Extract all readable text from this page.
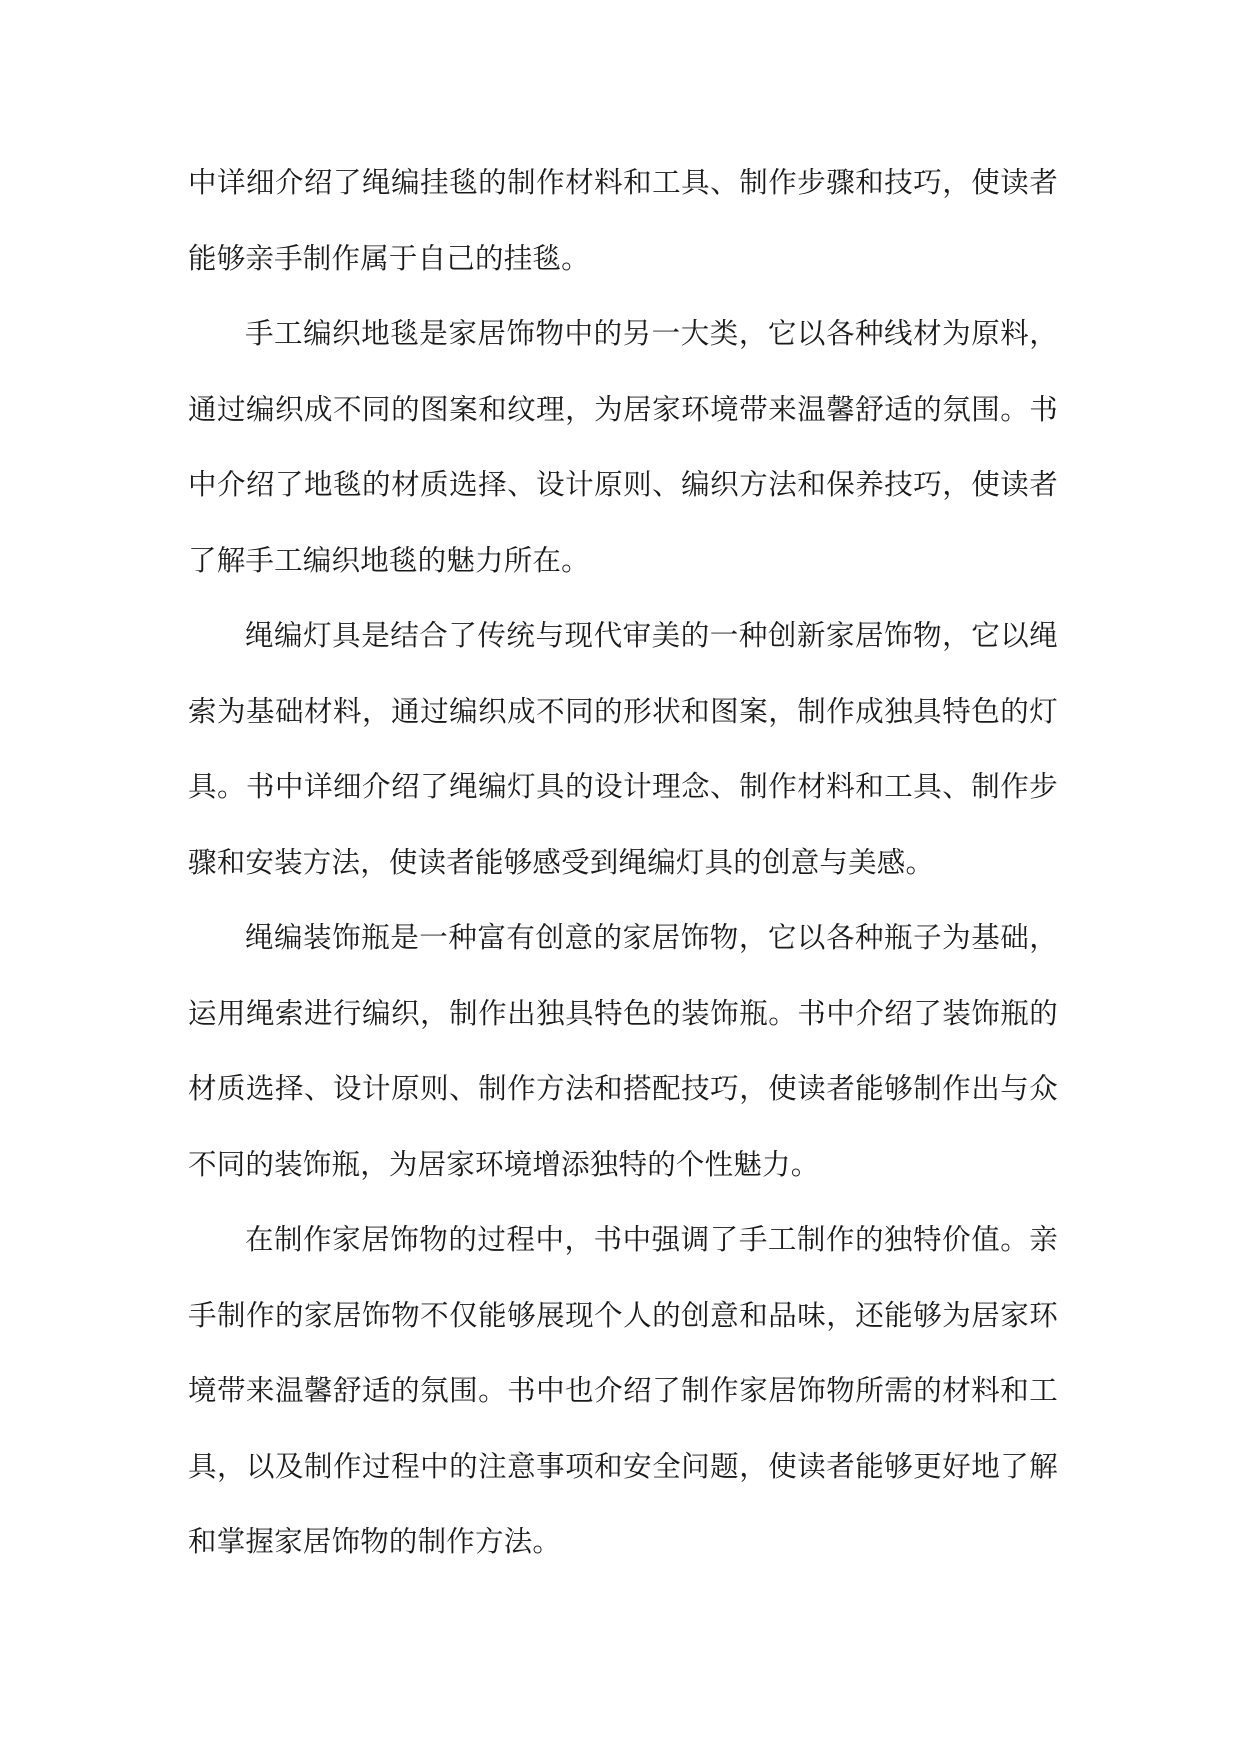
中详细介绍了绳编挂毯的制作材料和工具、制作步骤和技巧，使读者能够亲手制作属于自己的挂毯。

手工编织地毯是家居饰物中的另一大类，它以各种线材为原料，通过编织成不同的图案和纹理，为居家环境带来温馨舒适的氛围。书中介绍了地毯的材质选择、设计原则、编织方法和保养技巧，使读者了解手工编织地毯的魅力所在。

绳编灯具是结合了传统与现代审美的一种创新家居饰物，它以绳索为基础材料，通过编织成不同的形状和图案，制作成独具特色的灯具。书中详细介绍了绳编灯具的设计理念、制作材料和工具、制作步骤和安装方法，使读者能够感受到绳编灯具的创意与美感。

绳编装饰瓶是一种富有创意的家居饰物，它以各种瓶子为基础，运用绳索进行编织，制作出独具特色的装饰瓶。书中介绍了装饰瓶的材质选择、设计原则、制作方法和搭配技巧，使读者能够制作出与众不同的装饰瓶，为居家环境增添独特的个性魅力。

在制作家居饰物的过程中，书中强调了手工制作的独特价值。亲手制作的家居饰物不仅能够展现个人的创意和品味，还能够为居家环境带来温馨舒适的氛围。书中也介绍了制作家居饰物所需的材料和工具，以及制作过程中的注意事项和安全问题，使读者能够更好地了解和掌握家居饰物的制作方法。
